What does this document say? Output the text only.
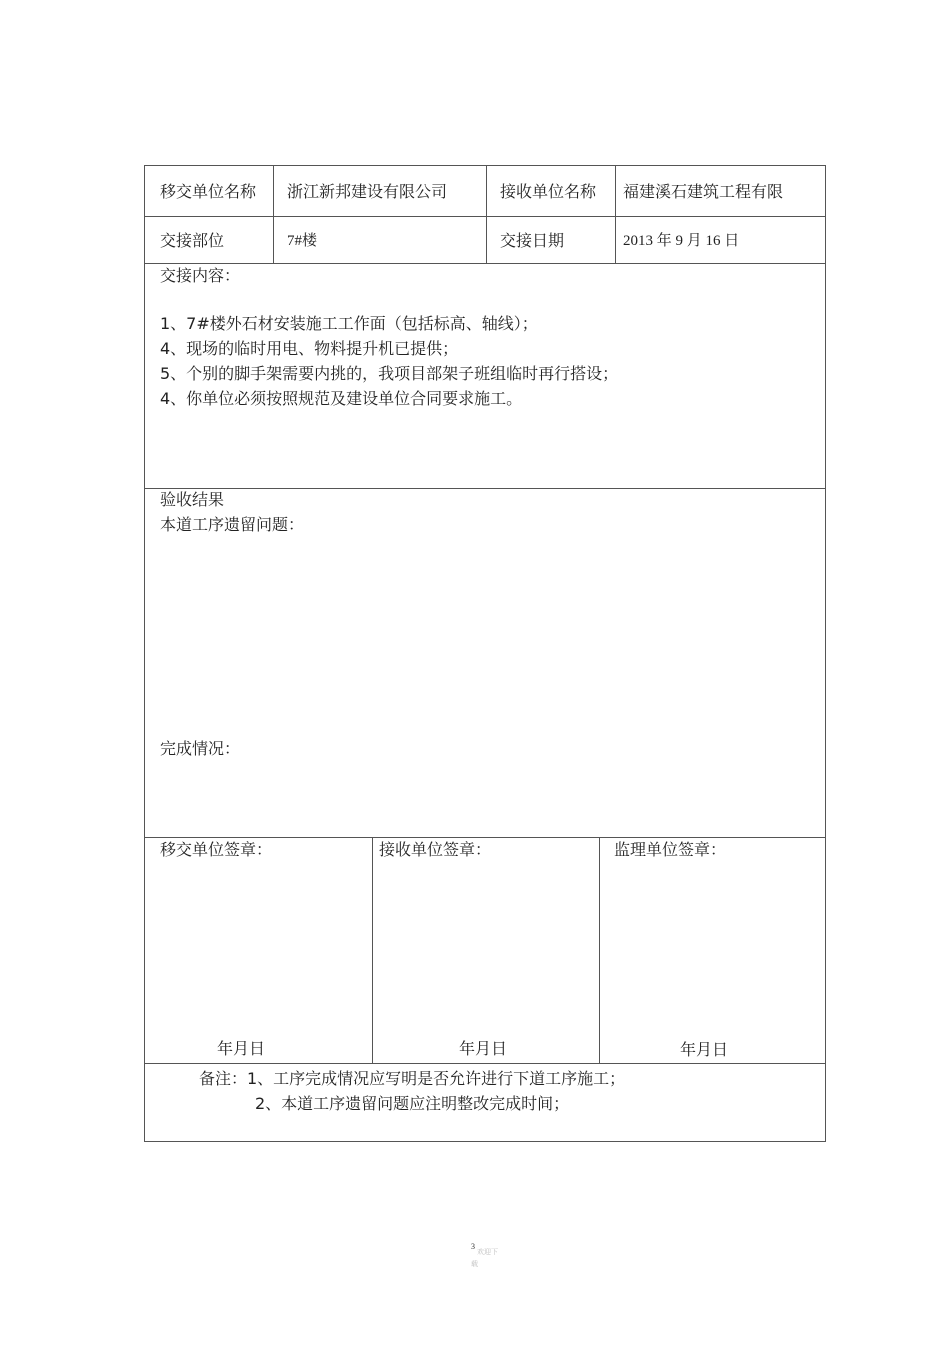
移交单位名称 浙江新邦建设有限公司	接收单位名称 福建溪石建筑工程有限
交接部位	7#楼	交接日期	2013 年 9 月 16 日
交接内容：
1、7#楼外石材安装施工工作面（包括标高、轴线）；
4、现场的临时用电、物料提升机已提供；
5、个别的脚手架需要内挑的，我项目部架子班组临时再行搭设；
4、你单位必须按照规范及建设单位合同要求施工。
验收结果
本道工序遗留问题：
完成情况：
移交单位签章：	接收单位签章：	监理单位签章：
年月日	年月日	年月日
备注：1、工序完成情况应写明是否允许进行下道工序施工；
2、本道工序遗留问题应注明整改完成时间；
3
欢迎下
载
